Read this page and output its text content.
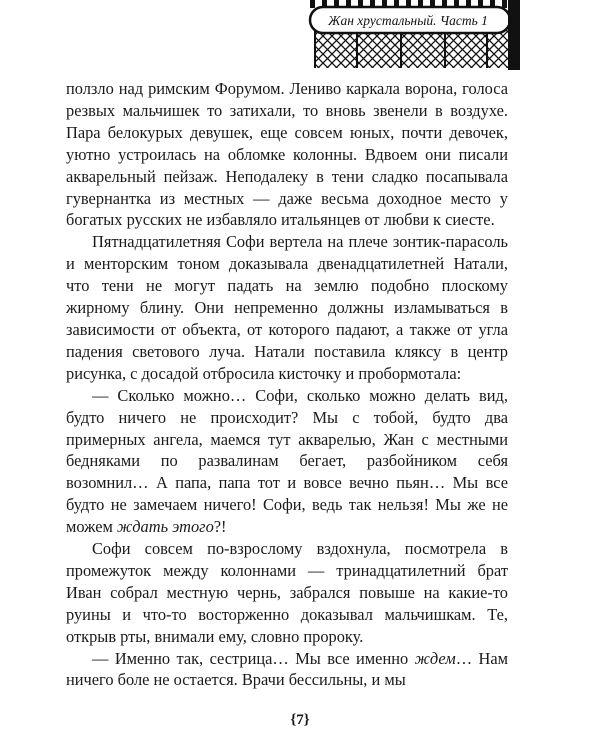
Жан хрустальный. Часть 1

ползло над римским Форумом. Лениво каркала ворона, голоса резвых мальчишек то затихали, то вновь звенели в воздухе. Пара белокурых девушек, еще совсем юных, почти девочек, уютно устроилась на обломке колонны. Вдвоем они писали акварельный пейзаж. Неподалеку в тени сладко посапывала гувернантка из местных — даже весьма доходное место у богатых русских не избавляло итальянцев от любви к сиесте.

Пятнадцатилетняя Софи вертела на плече зонтик-парасоль и менторским тоном доказывала двенадцатилетней Натали, что тени не могут падать на землю подобно плоскому жирному блину. Они непременно должны изламываться в зависимости от объекта, от которого падают, а также от угла падения светового луча. Натали поставила кляксу в центр рисунка, с досадой отбросила кисточку и пробормотала:

— Сколько можно… Софи, сколько можно делать вид, будто ничего не происходит? Мы с тобой, будто два примерных ангела, маемся тут акварелью, Жан с местными бедняками по развалинам бегает, разбойником себя возомнил… А папа, папа тот и вовсе вечно пьян… Мы все будто не замечаем ничего! Софи, ведь так нельзя! Мы же не можем ждать этого?!

Софи совсем по-взрослому вздохнула, посмотрела в промежуток между колоннами — тринадцатилетний брат Иван собрал местную чернь, забрался повыше на какие-то руины и что-то восторженно доказывал мальчишкам. Те, открыв рты, внимали ему, словно пророку.

— Именно так, сестрица… Мы все именно ждем… Нам ничего боле не остается. Врачи бессильны, и мы

{7}
